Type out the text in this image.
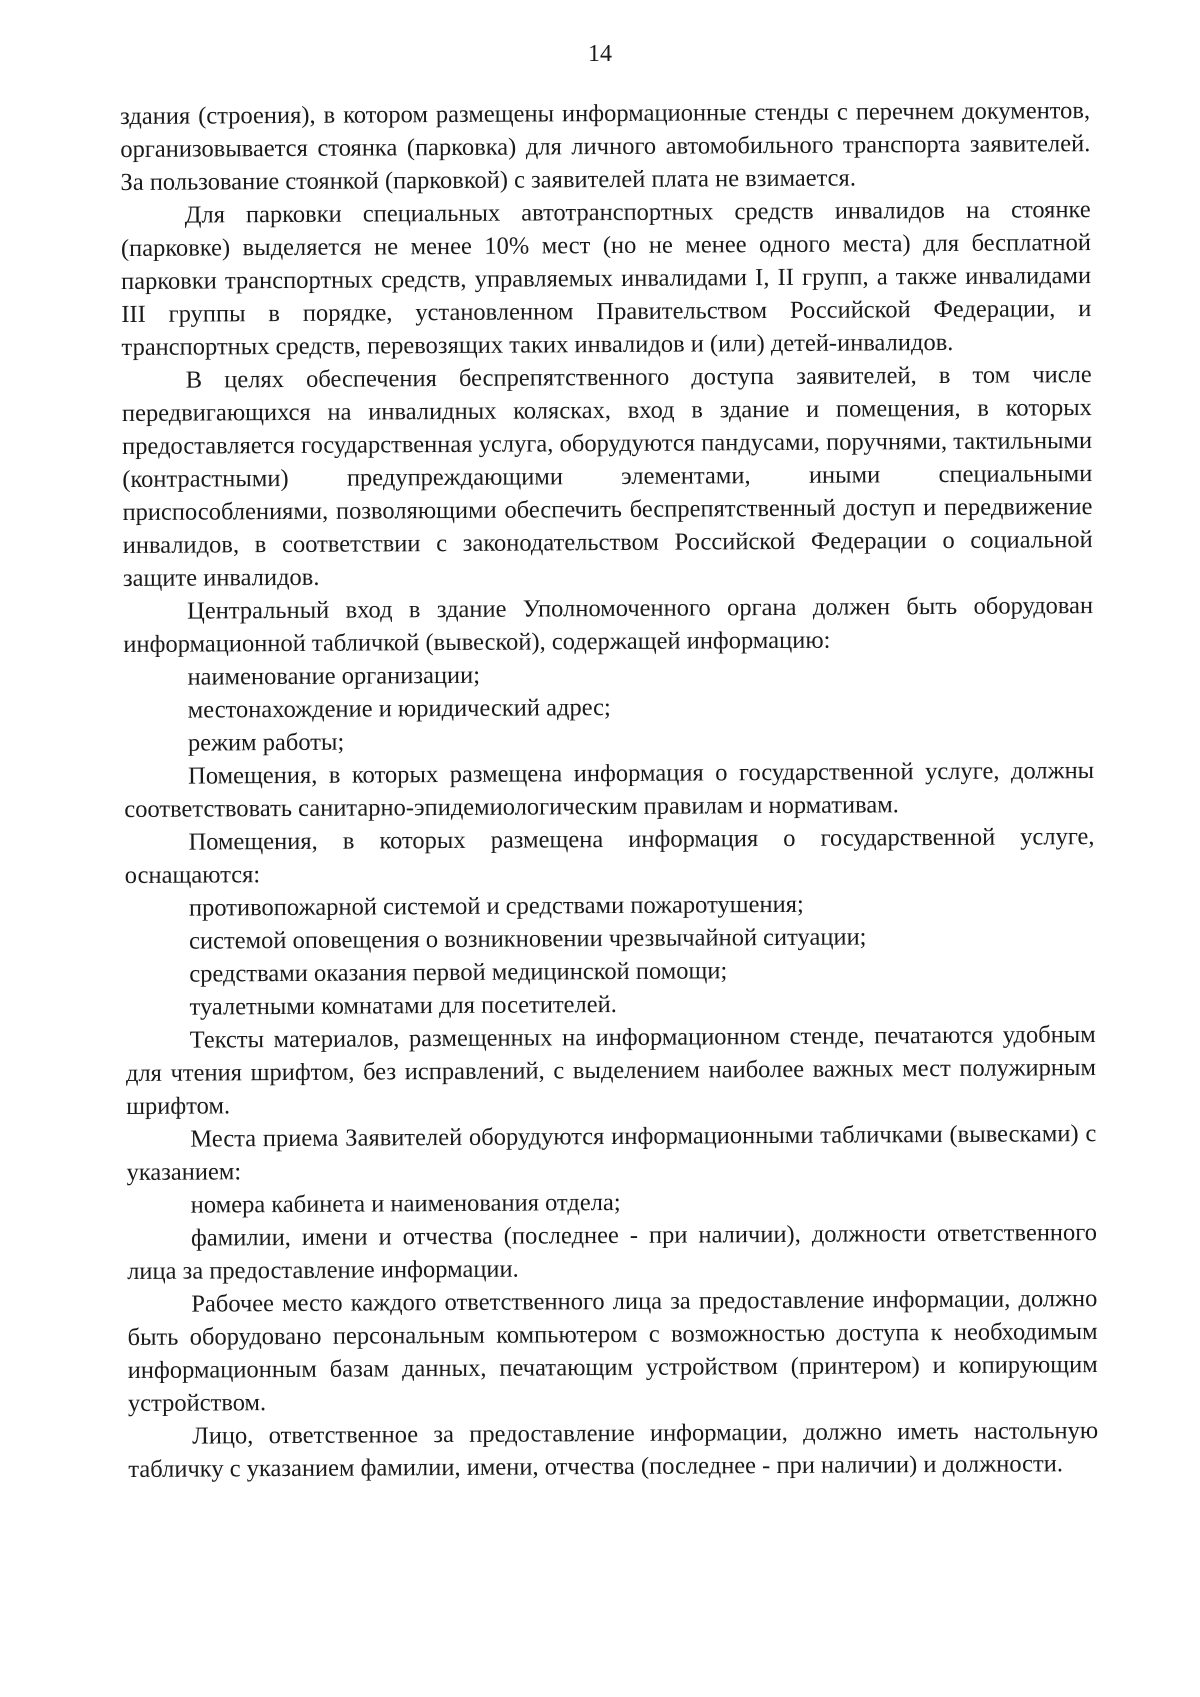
14

здания (строения), в котором размещены информационные стенды с перечнем документов, организовывается стоянка (парковка) для личного автомобильного транспорта заявителей. За пользование стоянкой (парковкой) с заявителей плата не взимается.

Для парковки специальных автотранспортных средств инвалидов на стоянке (парковке) выделяется не менее 10% мест (но не менее одного места) для бесплатной парковки транспортных средств, управляемых инвалидами I, II групп, а также инвалидами III группы в порядке, установленном Правительством Российской Федерации, и транспортных средств, перевозящих таких инвалидов и (или) детей-инвалидов.

В целях обеспечения беспрепятственного доступа заявителей, в том числе передвигающихся на инвалидных колясках, вход в здание и помещения, в которых предоставляется государственная услуга, оборудуются пандусами, поручнями, тактильными (контрастными) предупреждающими элементами, иными специальными приспособлениями, позволяющими обеспечить беспрепятственный доступ и передвижение инвалидов, в соответствии с законодательством Российской Федерации о социальной защите инвалидов.

Центральный вход в здание Уполномоченного органа должен быть оборудован информационной табличкой (вывеской), содержащей информацию:

наименование организации;

местонахождение и юридический адрес;

режим работы;

Помещения, в которых размещена информация о государственной услуге, должны соответствовать санитарно-эпидемиологическим правилам и нормативам.

Помещения, в которых размещена информация о государственной услуге, оснащаются:

противопожарной системой и средствами пожаротушения;

системой оповещения о возникновении чрезвычайной ситуации;

средствами оказания первой медицинской помощи;

туалетными комнатами для посетителей.

Тексты материалов, размещенных на информационном стенде, печатаются удобным для чтения шрифтом, без исправлений, с выделением наиболее важных мест полужирным шрифтом.

Места приема Заявителей оборудуются информационными табличками (вывесками) с указанием:

номера кабинета и наименования отдела;

фамилии, имени и отчества (последнее - при наличии), должности ответственного лица за предоставление информации.

Рабочее место каждого ответственного лица за предоставление информации, должно быть оборудовано персональным компьютером с возможностью доступа к необходимым информационным базам данных, печатающим устройством (принтером) и копирующим устройством.

Лицо, ответственное за предоставление информации, должно иметь настольную табличку с указанием фамилии, имени, отчества (последнее - при наличии) и должности.
